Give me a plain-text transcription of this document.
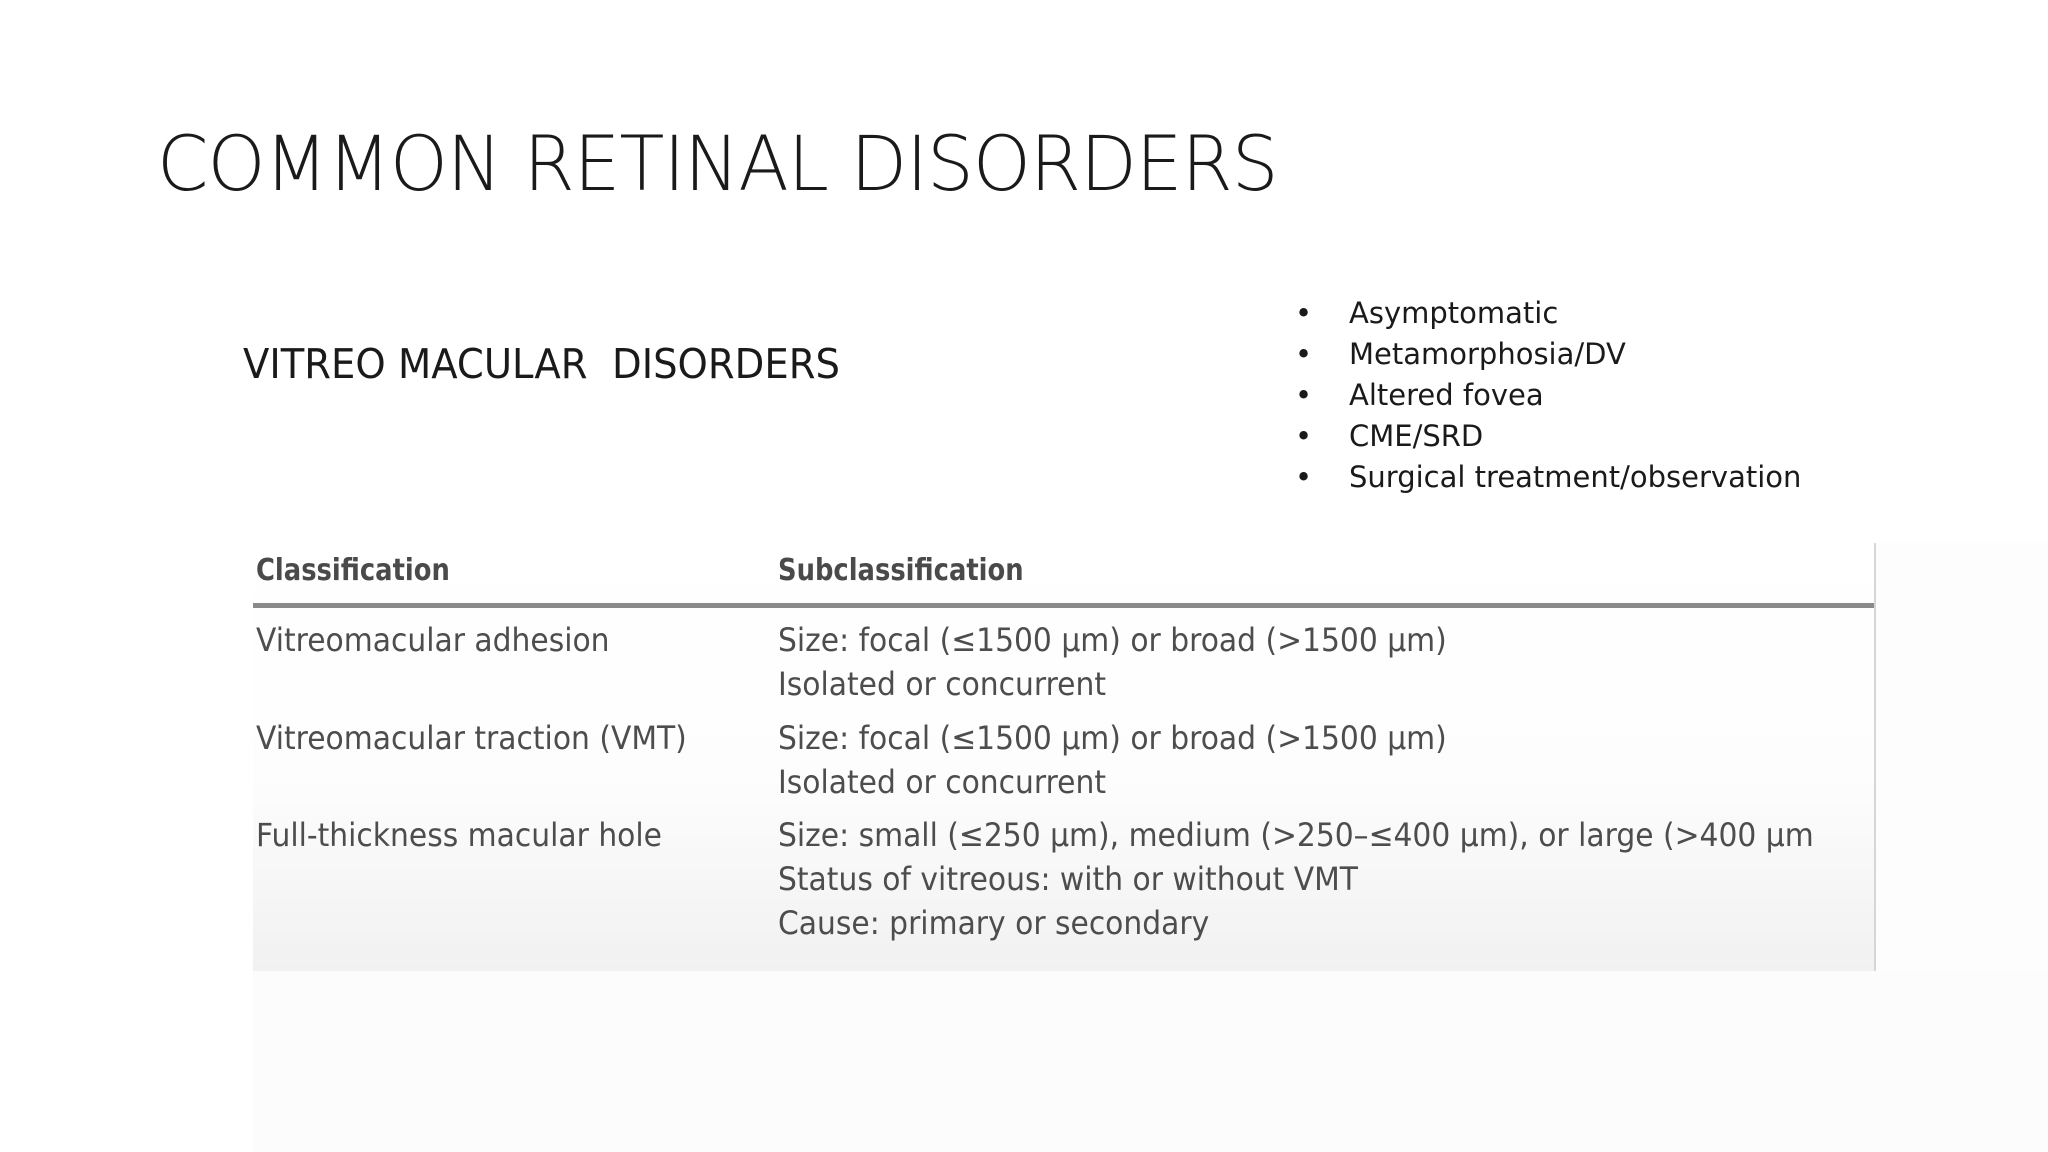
COMMON RETINAL DISORDERS
VITREO MACULAR  DISORDERS
• Asymptomatic
• Metamorphosia/DV
• Altered fovea
• CME/SRD
• Surgical treatment/observation
Classification	Subclassification
Vitreomacular adhesion	Size: focal (≤1500 μm) or broad (>1500 μm)
Isolated or concurrent
Vitreomacular traction (VMT)	Size: focal (≤1500 μm) or broad (>1500 μm)
Isolated or concurrent
Full-thickness macular hole	Size: small (≤250 μm), medium (>250–≤400 μm), or large (>400 μm
Status of vitreous: with or without VMT
Cause: primary or secondary
